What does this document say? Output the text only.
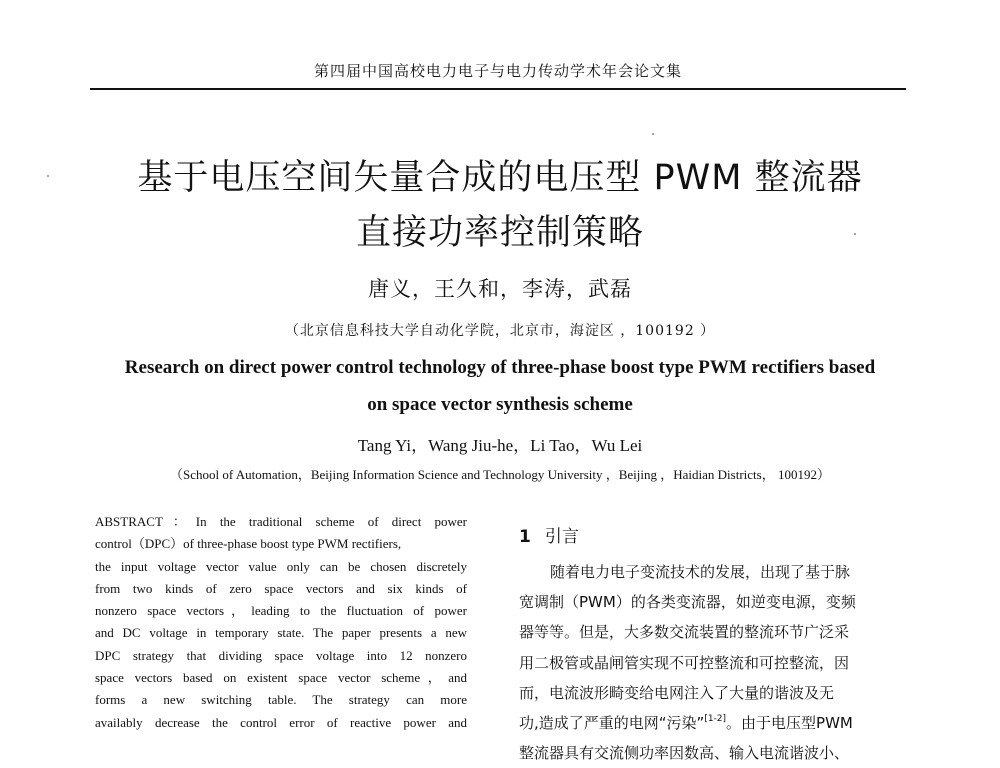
第四届中国高校电力电子与电力传动学术年会论文集
基于电压空间矢量合成的电压型 PWM 整流器
直接功率控制策略
唐义，王久和，李涛，武磊
（北京信息科技大学自动化学院，北京市，海淀区 ，100192 ）
Research on direct power control technology of three-phase boost type PWM rectifiers based
on space vector synthesis scheme
Tang Yi，Wang Jiu-he，Li Tao，Wu Lei
（School of Automation，Beijing Information Science and Technology University ，Beijing ，Haidian Districts， 100192）
ABSTRACT：In the traditional scheme of direct power
control（DPC）of three-phase boost type PWM rectifiers,
the input voltage vector value only can be chosen discretely
from two kinds of zero space vectors and six kinds of
nonzero space vectors，leading to the fluctuation of power
and DC voltage in temporary state. The paper presents a new
DPC strategy that dividing space voltage into 12 nonzero
space vectors based on existent space vector scheme，and
forms a new switching table. The strategy can more
availably decrease the control error of reactive power and
1 引言
随着电力电子变流技术的发展，出现了基于脉
宽调制（PWM）的各类变流器，如逆变电源，变频
器等等。但是，大多数交流装置的整流环节广泛采
用二极管或晶闸管实现不可控整流和可控整流，因
而，电流波形畸变给电网注入了大量的谐波及无
功,造成了严重的电网“污染”[1-2]。由于电压型PWM
整流器具有交流侧功率因数高、输入电流谐波小、
